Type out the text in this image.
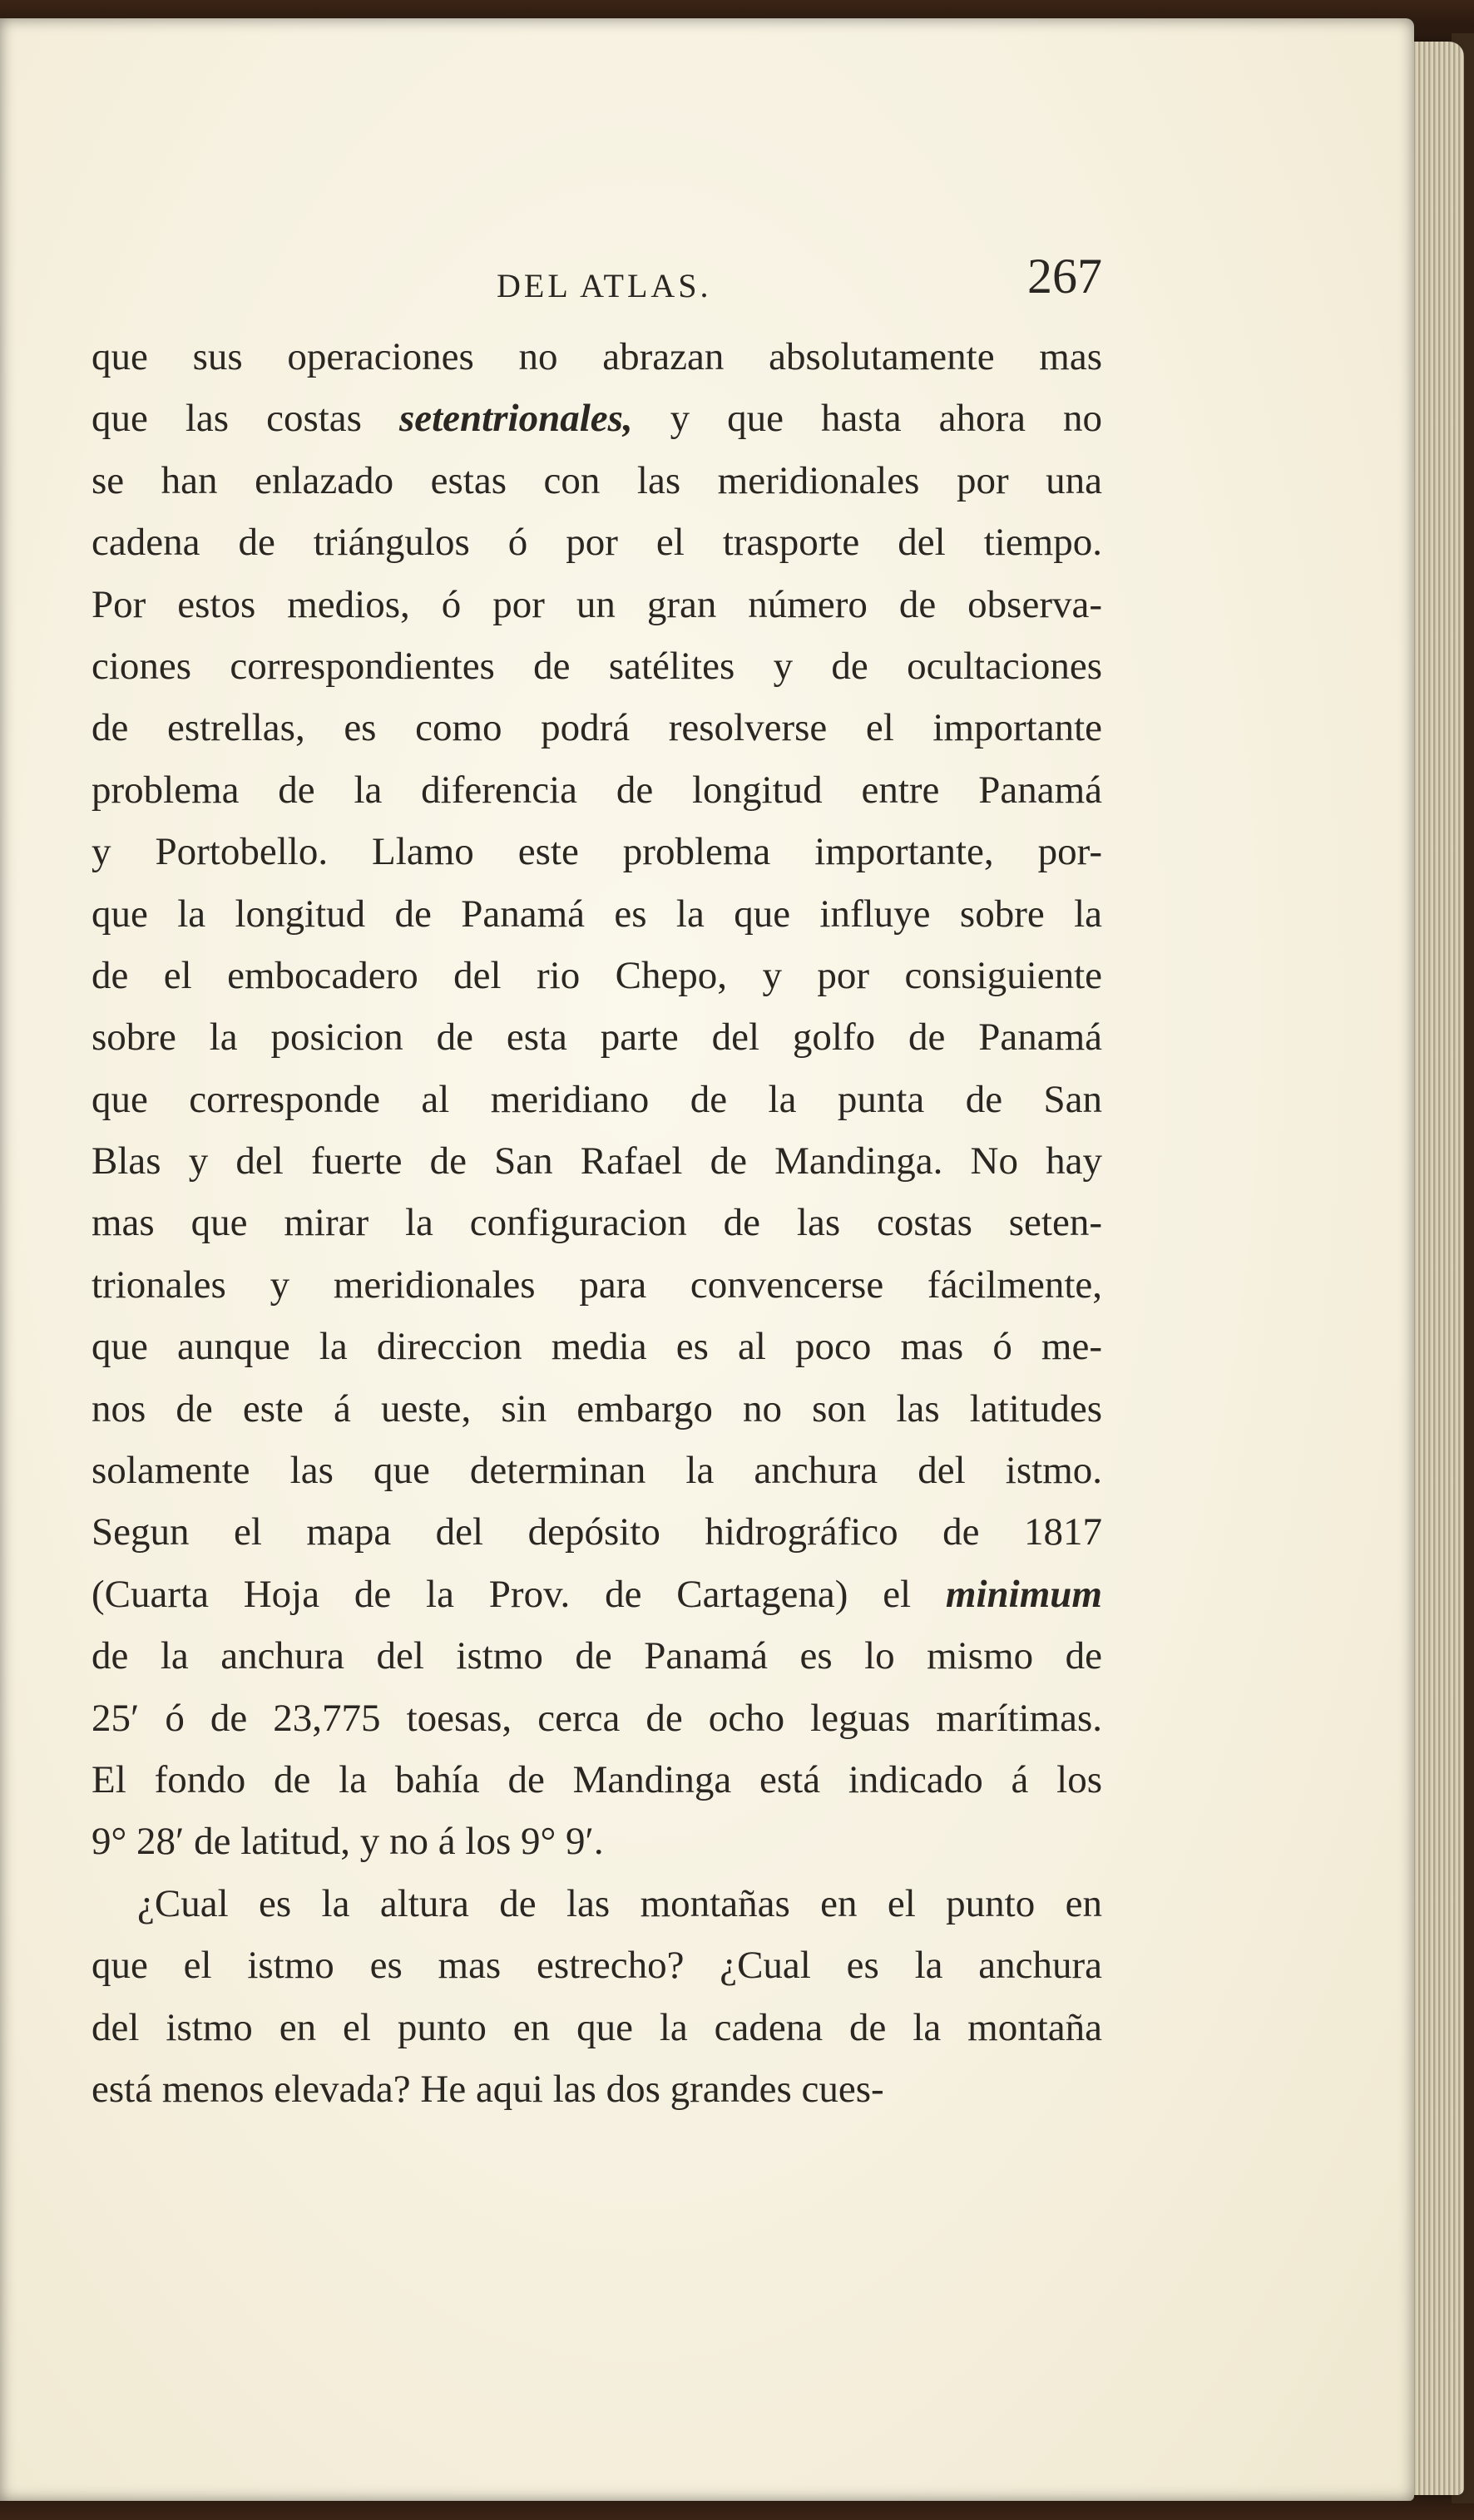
DEL ATLAS.	267
que sus operaciones no abrazan absolutamente mas
que las costas setentrionales, y que hasta ahora no
se han enlazado estas con las meridionales por una
cadena de triángulos ó por el trasporte del tiempo.
Por estos medios, ó por un gran número de observa-
ciones correspondientes de satélites y de ocultaciones
de estrellas, es como podrá resolverse el importante
problema de la diferencia de longitud entre Panamá
y Portobello. Llamo este problema importante, por-
que la longitud de Panamá es la que influye sobre la
de el embocadero del rio Chepo, y por consiguiente
sobre la posicion de esta parte del golfo de Panamá
que corresponde al meridiano de la punta de San
Blas y del fuerte de San Rafael de Mandinga. No hay
mas que mirar la configuracion de las costas seten-
trionales y meridionales para convencerse fácilmente,
que aunque la direccion media es al poco mas ó me-
nos de este á ueste, sin embargo no son las latitudes
solamente las que determinan la anchura del istmo.
Segun el mapa del depósito hidrográfico de 1817
(Cuarta Hoja de la Prov. de Cartagena) el minimum
de la anchura del istmo de Panamá es lo mismo de
25′ ó de 23,775 toesas, cerca de ocho leguas marítimas.
El fondo de la bahía de Mandinga está indicado á los
9° 28′ de latitud, y no á los 9° 9′.
¿Cual es la altura de las montañas en el punto en
que el istmo es mas estrecho? ¿Cual es la anchura
del istmo en el punto en que la cadena de la montaña
está menos elevada? He aqui las dos grandes cues-
